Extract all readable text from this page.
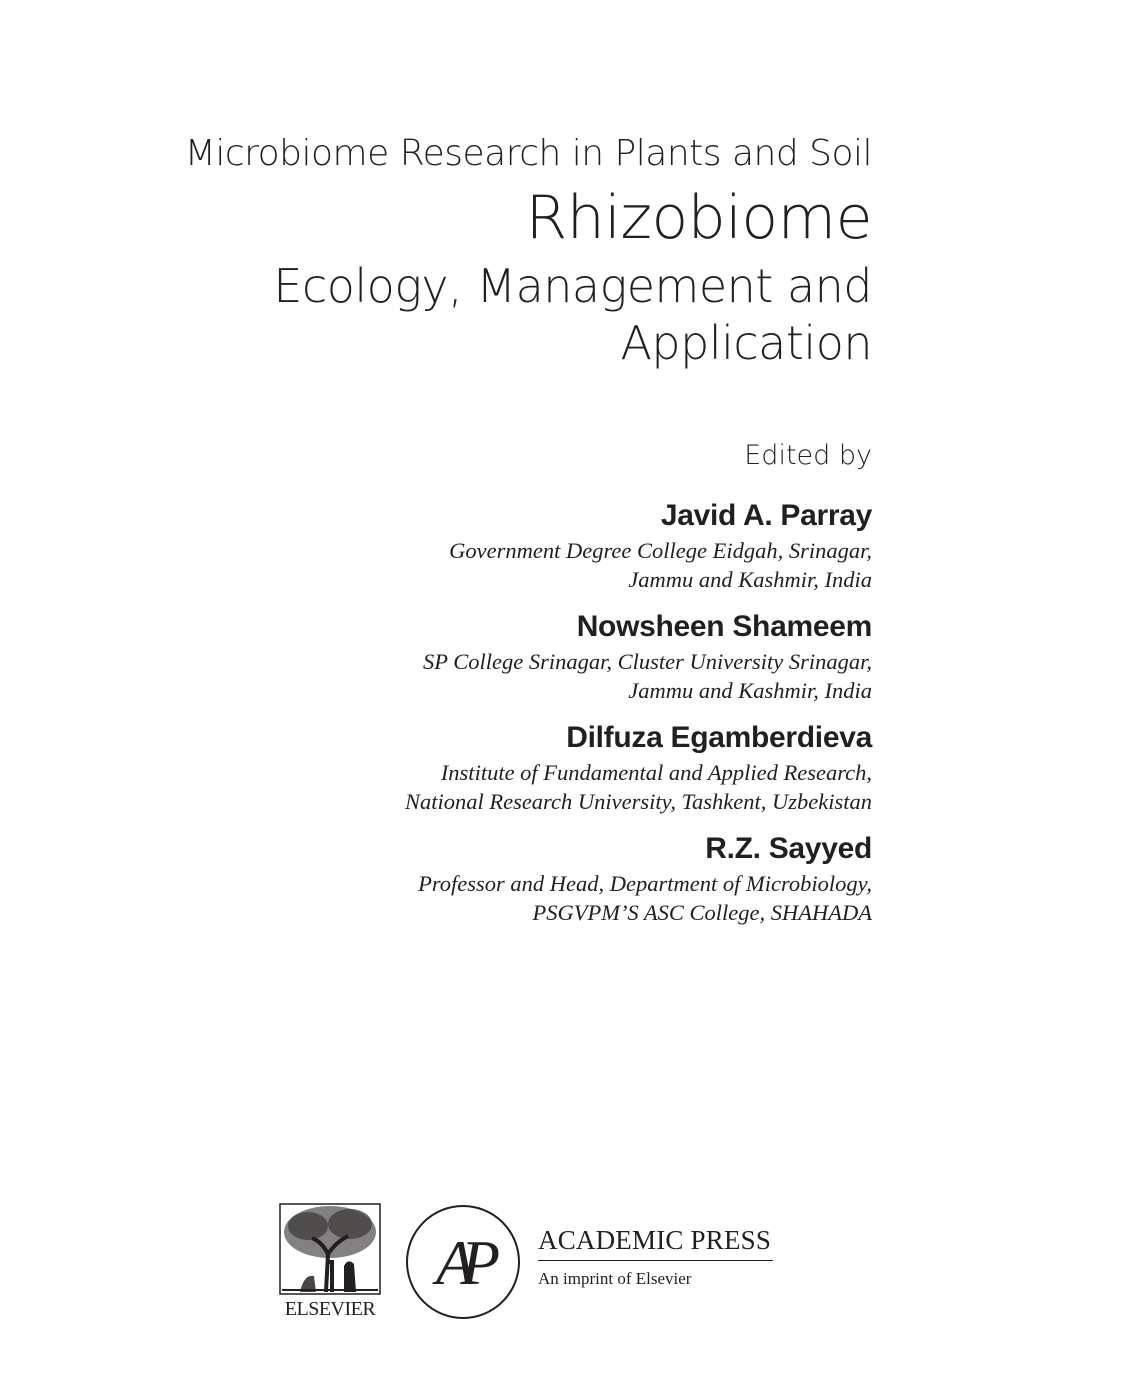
Microbiome Research in Plants and Soil
Rhizobiome
Ecology, Management and
Application
Edited by
Javid A. Parray
Government Degree College Eidgah, Srinagar,
Jammu and Kashmir, India
Nowsheen Shameem
SP College Srinagar, Cluster University Srinagar,
Jammu and Kashmir, India
Dilfuza Egamberdieva
Institute of Fundamental and Applied Research,
National Research University, Tashkent, Uzbekistan
R.Z. Sayyed
Professor and Head, Department of Microbiology,
PSGVPM’S ASC College, SHAHADA
ELSEVIER
AP	ACADEMIC PRESS
An imprint of Elsevier
